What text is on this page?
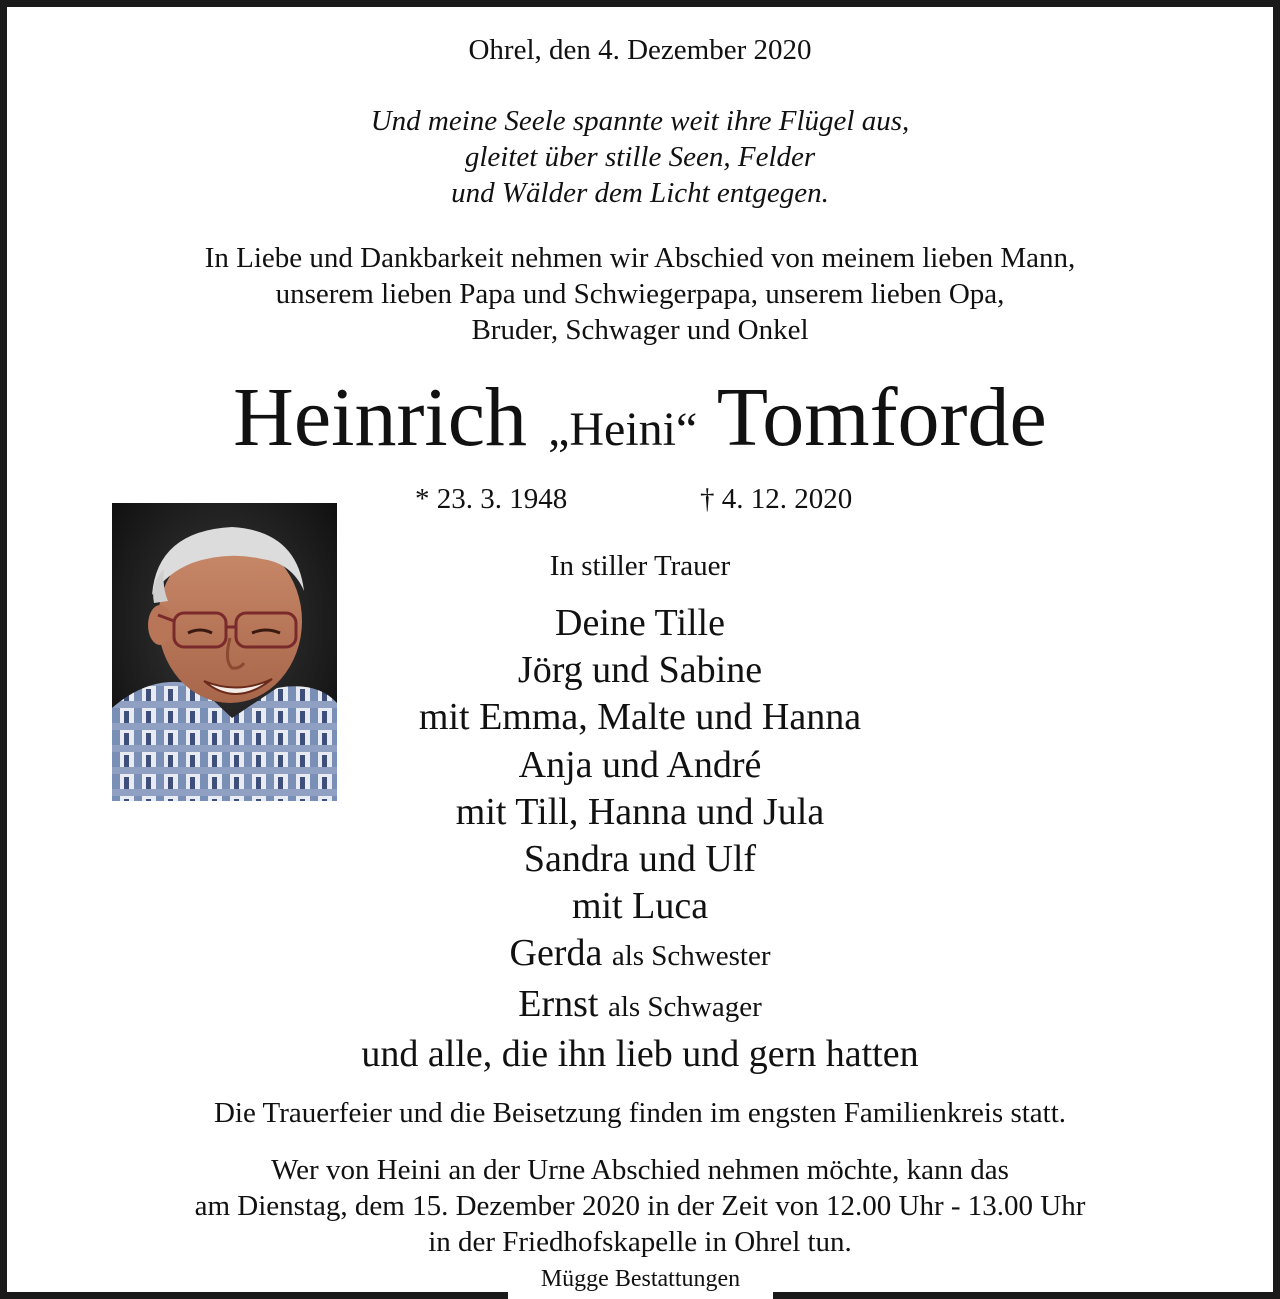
Ohrel, den 4. Dezember 2020
Und meine Seele spannte weit ihre Flügel aus,
gleitet über stille Seen, Felder
und Wälder dem Licht entgegen.
In Liebe und Dankbarkeit nehmen wir Abschied von meinem lieben Mann,
unserem lieben Papa und Schwiegerpapa, unserem lieben Opa,
Bruder, Schwager und Onkel
Heinrich „Heini“ Tomforde
* 23. 3. 1948	† 4. 12. 2020
In stiller Trauer
Deine Tille
Jörg und Sabine
mit Emma, Malte und Hanna
Anja und André
mit Till, Hanna und Jula
Sandra und Ulf
mit Luca
Gerda als Schwester
Ernst als Schwager
und alle, die ihn lieb und gern hatten
Die Trauerfeier und die Beisetzung finden im engsten Familienkreis statt.
Wer von Heini an der Urne Abschied nehmen möchte, kann das
am Dienstag, dem 15. Dezember 2020 in der Zeit von 12.00 Uhr - 13.00 Uhr
in der Friedhofskapelle in Ohrel tun.
Mügge Bestattungen
